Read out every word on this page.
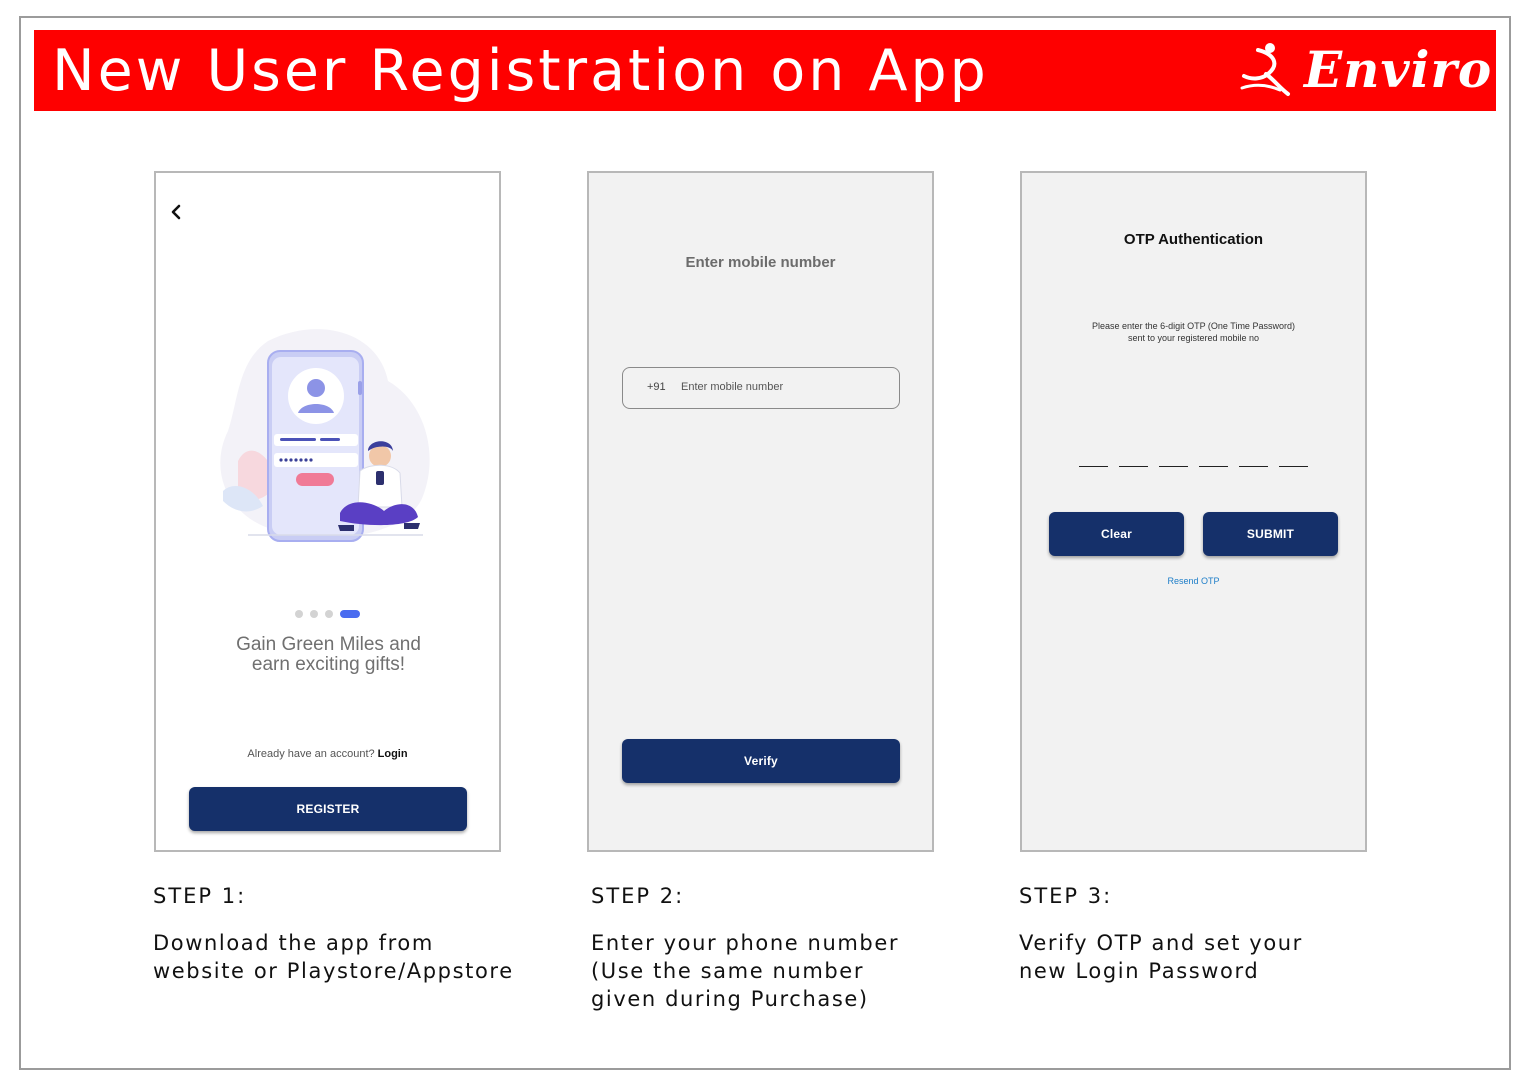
New User Registration on App	Enviro
Gain Green Miles and
earn exciting gifts!
Already have an account? Login
REGISTER
Enter mobile number
+91 Enter mobile number
Verify
OTP Authentication
Please enter the 6-digit OTP (One Time Password)
sent to your registered mobile no
Clear	SUBMIT
Resend OTP
STEP 1:
Download the app from
website or Playstore/Appstore
STEP 2:
Enter your phone number
(Use the same number
given during Purchase)
STEP 3:
Verify OTP and set your
new Login Password
